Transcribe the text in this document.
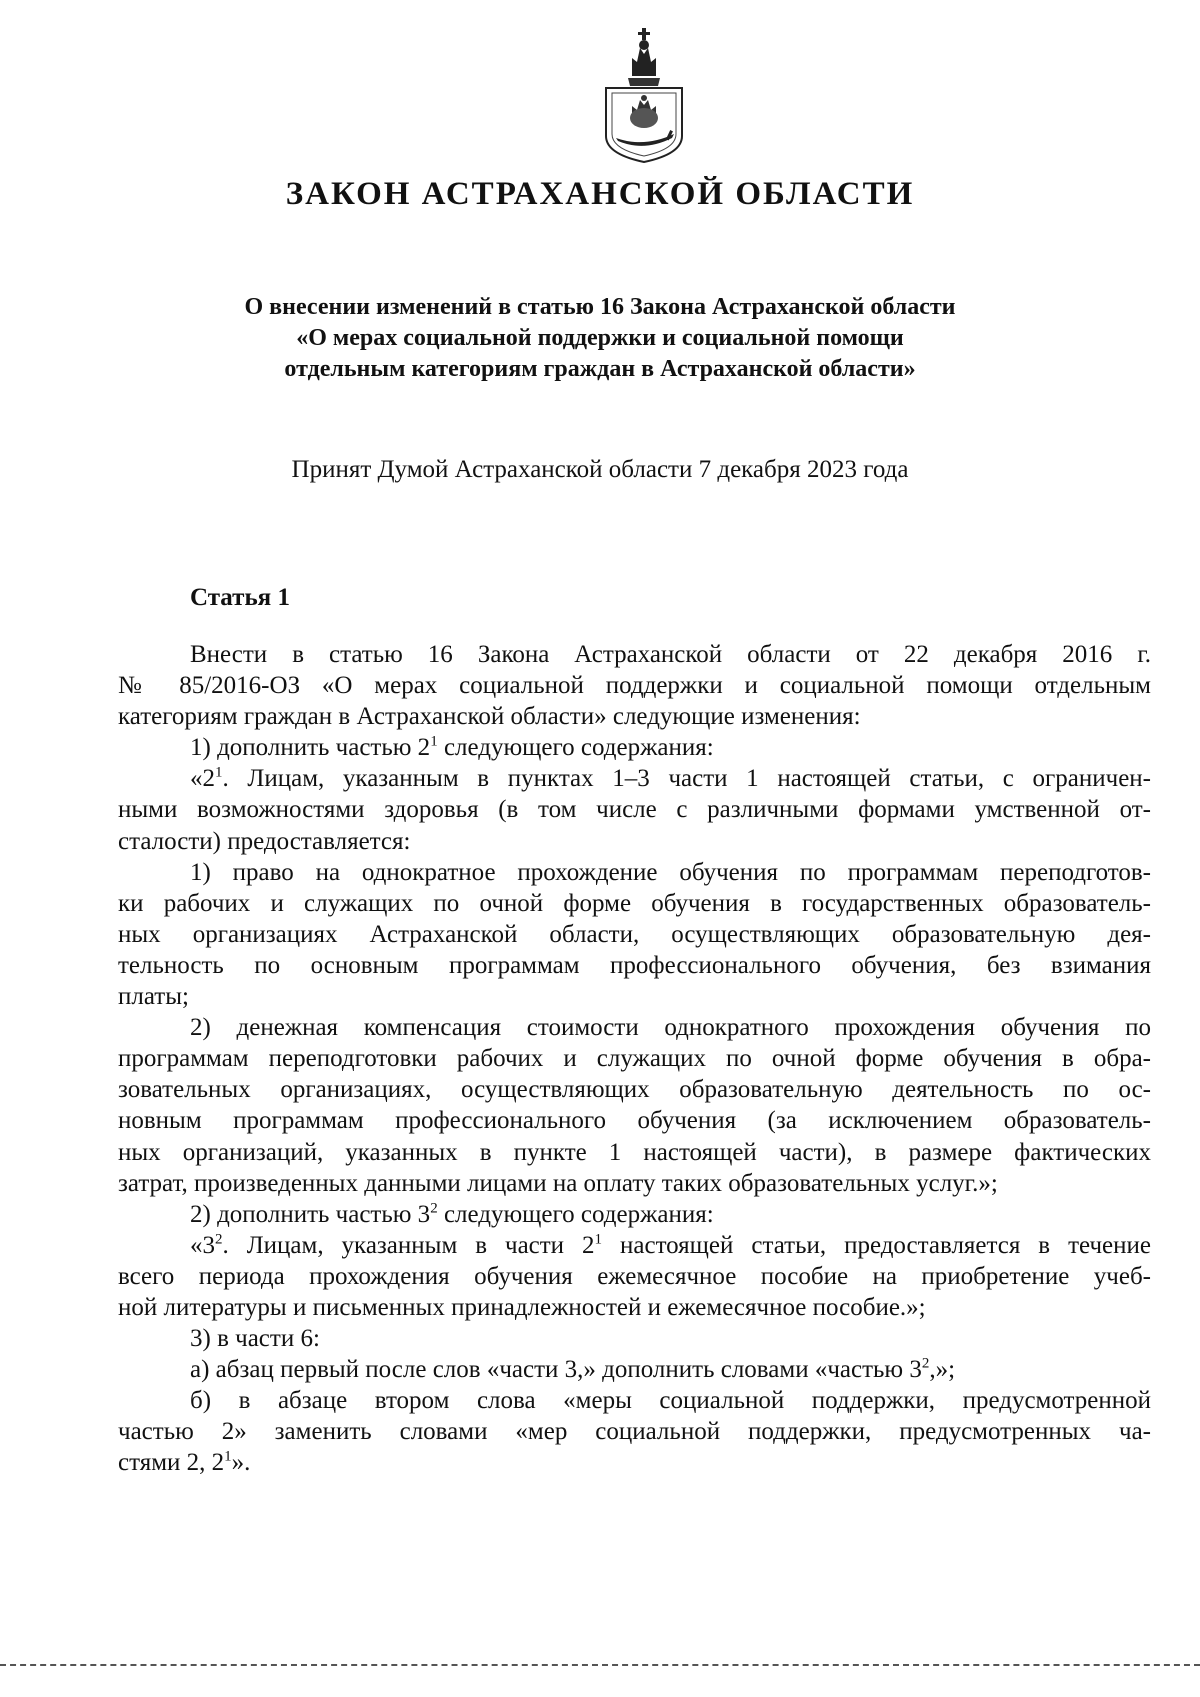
ЗАКОН АСТРАХАНСКОЙ ОБЛАСТИ
О внесении изменений в статью 16 Закона Астраханской области
«О мерах социальной поддержки и социальной помощи
отдельным категориям граждан в Астраханской области»

Принят Думой Астраханской области 7 декабря 2023 года

Статья 1

Внести в статью 16 Закона Астраханской области от 22 декабря 2016 г.

№ 85/2016-ОЗ «О мерах социальной поддержки и социальной помощи отдельным

категориям граждан в Астраханской области» следующие изменения:

1) дополнить частью $2^1$ следующего содержания:

«$2^1$. Лицам, указанным в пунктах 1–3 части 1 настоящей статьи, с ограничен-

ными возможностями здоровья (в том числе с различными формами умственной от-

сталости) предоставляется:

1) право на однократное прохождение обучения по программам переподготов-

ки рабочих и служащих по очной форме обучения в государственных образователь-

ных организациях Астраханской области, осуществляющих образовательную дея-

тельность по основным программам профессионального обучения, без взимания

платы;

2) денежная компенсация стоимости однократного прохождения обучения по

программам переподготовки рабочих и служащих по очной форме обучения в обра-

зовательных организациях, осуществляющих образовательную деятельность по ос-

новным программам профессионального обучения (за исключением образователь-

ных организаций, указанных в пункте 1 настоящей части), в размере фактических

затрат, произведенных данными лицами на оплату таких образовательных услуг.»;

2) дополнить частью $3^2$ следующего содержания:

«$3^2$. Лицам, указанным в части $2^1$ настоящей статьи, предоставляется в течение

всего периода прохождения обучения ежемесячное пособие на приобретение учеб-

ной литературы и письменных принадлежностей и ежемесячное пособие.»;

3) в части 6:

а) абзац первый после слов «части 3,» дополнить словами «частью $3^2$,»;

б) в абзаце втором слова «меры социальной поддержки, предусмотренной

частью 2» заменить словами «мер социальной поддержки, предусмотренных ча-

стями 2, $2^1$».
